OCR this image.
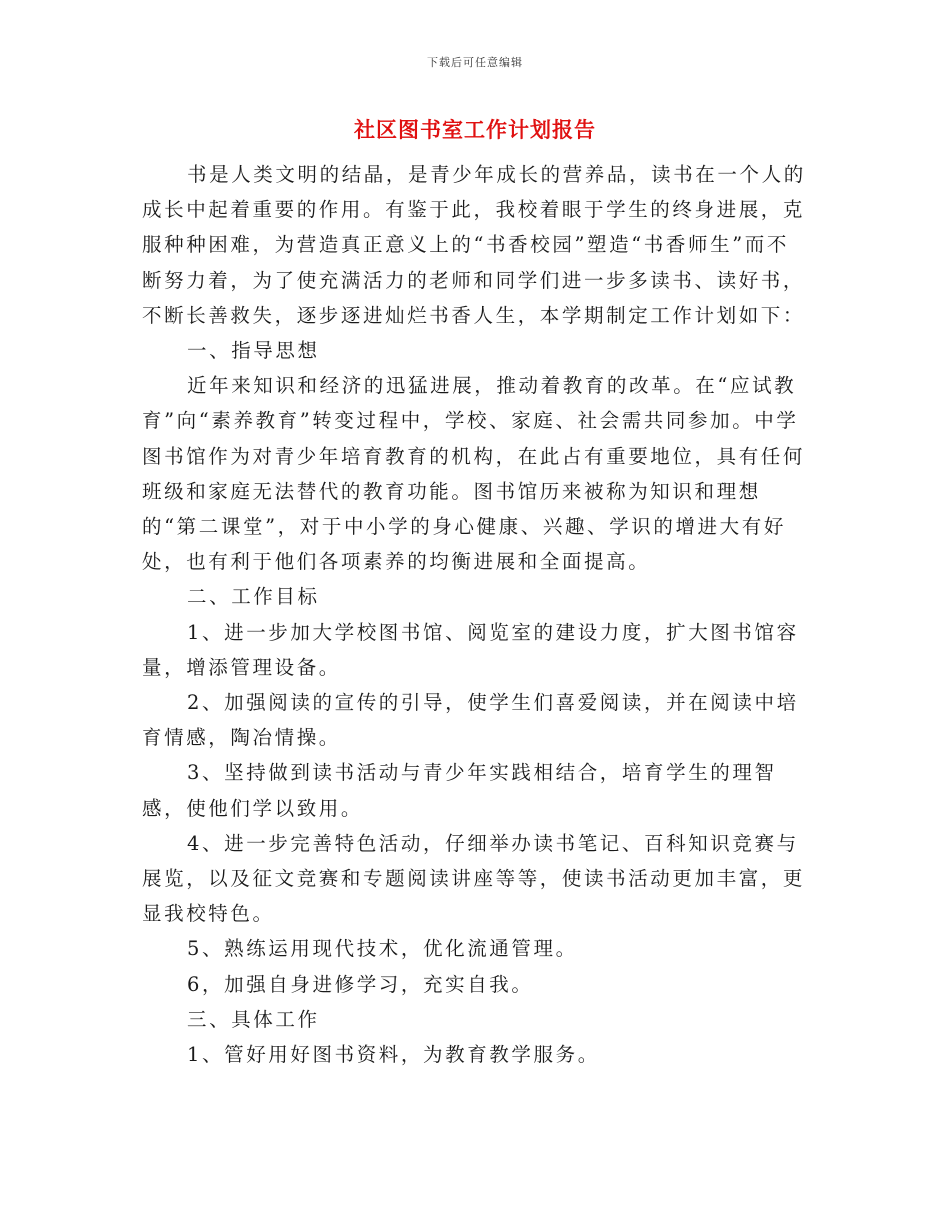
下载后可任意编辑
社区图书室工作计划报告

书是人类文明的结晶，是青少年成长的营养品，读书在一个人的成长中起着重要的作用。有鉴于此，我校着眼于学生的终身进展，克服种种困难，为营造真正意义上的“书香校园”塑造“书香师生”而不断努力着，为了使充满活力的老师和同学们进一步多读书、读好书，不断长善救失，逐步逐进灿烂书香人生，本学期制定工作计划如下：

一、指导思想

近年来知识和经济的迅猛进展，推动着教育的改革。在“应试教育”向“素养教育”转变过程中，学校、家庭、社会需共同参加。中学图书馆作为对青少年培育教育的机构，在此占有重要地位，具有任何班级和家庭无法替代的教育功能。图书馆历来被称为知识和理想的“第二课堂”，对于中小学的身心健康、兴趣、学识的增进大有好处，也有利于他们各项素养的均衡进展和全面提高。

二、工作目标

1、进一步加大学校图书馆、阅览室的建设力度，扩大图书馆容量，增添管理设备。

2、加强阅读的宣传的引导，使学生们喜爱阅读，并在阅读中培育情感，陶冶情操。

3、坚持做到读书活动与青少年实践相结合，培育学生的理智感，使他们学以致用。

4、进一步完善特色活动，仔细举办读书笔记、百科知识竞赛与展览，以及征文竞赛和专题阅读讲座等等，使读书活动更加丰富，更显我校特色。

5、熟练运用现代技术，优化流通管理。

6，加强自身进修学习，充实自我。

三、具体工作

1、管好用好图书资料，为教育教学服务。
